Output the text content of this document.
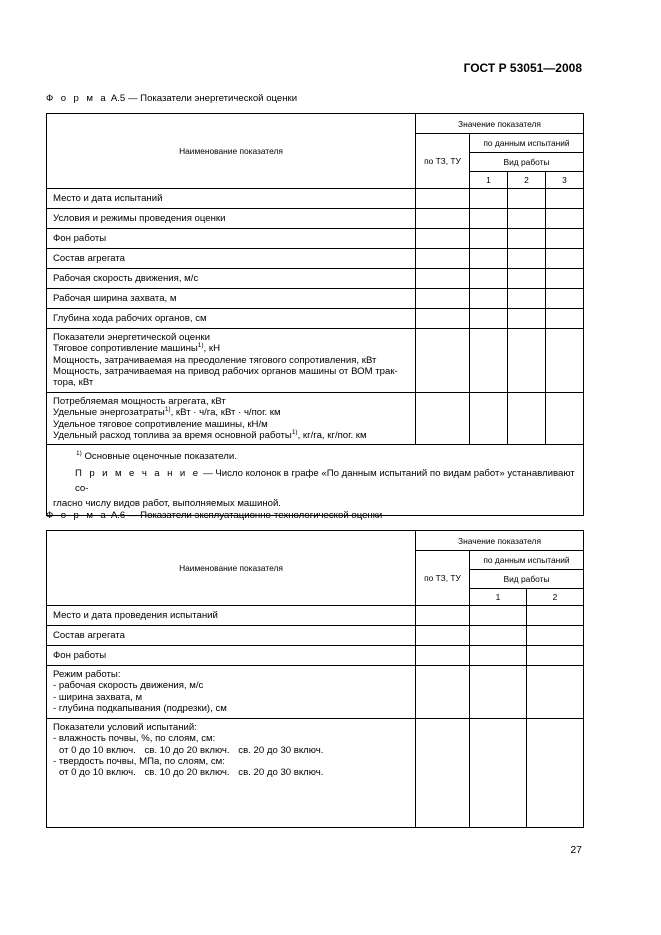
ГОСТ Р 53051—2008
Ф о р м а А.5 — Показатели энергетической оценки
Наименование показателя	Значение показателя			
	по ТЗ, ТУ	по данным испытаний		
		Вид работы		
		1	2	3
Место и дата испытаний				
Условия и режимы проведения оценки				
Фон работы				
Состав агрегата				
Рабочая скорость движения, м/с				
Рабочая ширина захвата, м				
Глубина хода рабочих органов, см				

Показатели энергетической оценки
Тяговое сопротивление машины$^{1)}$, кН
Мощность, затрачиваемая на преодоление тягового сопротивления, кВт
Мощность, затрачиваемая на привод рабочих органов машины от ВОМ трак-
тора, кВт				

Потребляемая мощность агрегата, кВт
Удельные энергозатраты$^{1)}$, кВт · ч/га, кВт · ч/пог. км
Удельное тяговое сопротивление машины, кН/м
Удельный расход топлива за время основной работы$^{1)}$, кг/га, кг/пог. км				

$^{1)}$ Основные оценочные показатели.
П р и м е ч а н и е — Число колонок в графе «По данным испытаний по видам работ» устанавливают со-
гласно числу видов работ, выполняемых машиной.				
Ф о р м а А.6 — Показатели эксплуатационно-технологической оценки
Наименование показателя	Значение показателя		
	по ТЗ, ТУ	по данным испытаний	
		Вид работы	
		1	2
Место и дата проведения испытаний			
Состав агрегата			
Фон работы			

Режим работы:
- рабочая скорость движения, м/с
- ширина захвата, м
- глубина подкапывания (подрезки), см			

Показатели условий испытаний:
- влажность почвы, %, по слоям, см:
от 0 до 10 включ. св. 10 до 20 включ. св. 20 до 30 включ.
- твердость почвы, МПа, по слоям, см:
от 0 до 10 включ. св. 10 до 20 включ. св. 20 до 30 включ.			
27
